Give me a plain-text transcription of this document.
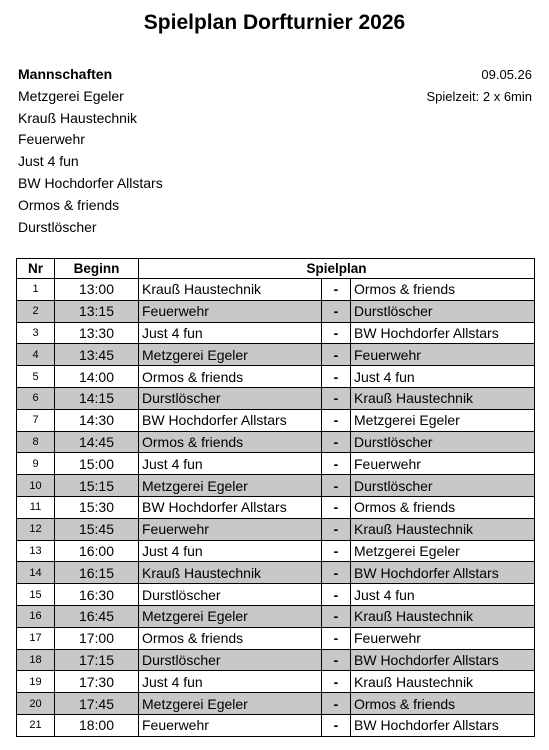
Spielplan Dorfturnier 2026
Mannschaften
Metzgerei Egeler
Krauß Haustechnik
Feuerwehr
Just 4 fun
BW Hochdorfer Allstars
Ormos & friends
Durstlöscher
09.05.26
Spielzeit: 2 x 6min
Nr	Beginn	Spielplan		
1	13:00	Krauß Haustechnik	-	Ormos & friends
2	13:15	Feuerwehr	-	Durstlöscher
3	13:30	Just 4 fun	-	BW Hochdorfer Allstars
4	13:45	Metzgerei Egeler	-	Feuerwehr
5	14:00	Ormos & friends	-	Just 4 fun
6	14:15	Durstlöscher	-	Krauß Haustechnik
7	14:30	BW Hochdorfer Allstars	-	Metzgerei Egeler
8	14:45	Ormos & friends	-	Durstlöscher
9	15:00	Just 4 fun	-	Feuerwehr
10	15:15	Metzgerei Egeler	-	Durstlöscher
11	15:30	BW Hochdorfer Allstars	-	Ormos & friends
12	15:45	Feuerwehr	-	Krauß Haustechnik
13	16:00	Just 4 fun	-	Metzgerei Egeler
14	16:15	Krauß Haustechnik	-	BW Hochdorfer Allstars
15	16:30	Durstlöscher	-	Just 4 fun
16	16:45	Metzgerei Egeler	-	Krauß Haustechnik
17	17:00	Ormos & friends	-	Feuerwehr
18	17:15	Durstlöscher	-	BW Hochdorfer Allstars
19	17:30	Just 4 fun	-	Krauß Haustechnik
20	17:45	Metzgerei Egeler	-	Ormos & friends
21	18:00	Feuerwehr	-	BW Hochdorfer Allstars
